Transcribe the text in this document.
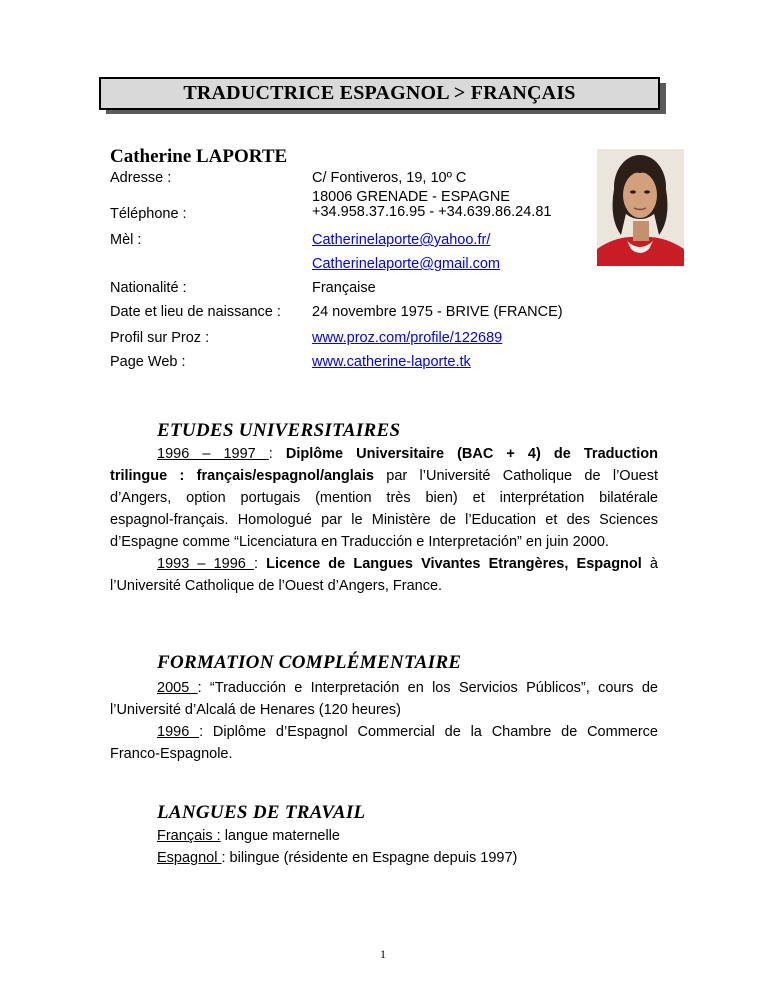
TRADUCTRICE ESPAGNOL > FRANÇAIS
Catherine LAPORTE
Adresse :	C/ Fontiveros, 19, 10º C
18006 GRENADE - ESPAGNE
Téléphone :	+34.958.37.16.95 - +34.639.86.24.81
Mèl :	Catherinelaporte@yahoo.fr/
Catherinelaporte@gmail.com
Nationalité :	Française
Date et lieu de naissance : 24 novembre 1975 - BRIVE (FRANCE)
Profil sur Proz :	www.proz.com/profile/122689
Page Web :	www.catherine-laporte.tk
ETUDES UNIVERSITAIRES
1996 – 1997 : Diplôme Universitaire (BAC + 4) de Traduction
trilingue : français/espagnol/anglais par l’Université Catholique de l’Ouest
d’Angers, option portugais (mention très bien) et interprétation bilatérale
espagnol-français. Homologué par le Ministère de l’Education et des Sciences
d’Espagne comme “Licenciatura en Traducción e Interpretación” en juin 2000.
1993 – 1996 : Licence de Langues Vivantes Etrangères, Espagnol à
l’Université Catholique de l’Ouest d’Angers, France.
FORMATION COMPLÉMENTAIRE
2005 : “Traducción e Interpretación en los Servicios Públicos”, cours de
l’Université d’Alcalá de Henares (120 heures)
1996 : Diplôme d’Espagnol Commercial de la Chambre de Commerce
Franco-Espagnole.
LANGUES DE TRAVAIL
Français : langue maternelle
Espagnol : bilingue (résidente en Espagne depuis 1997)
1
